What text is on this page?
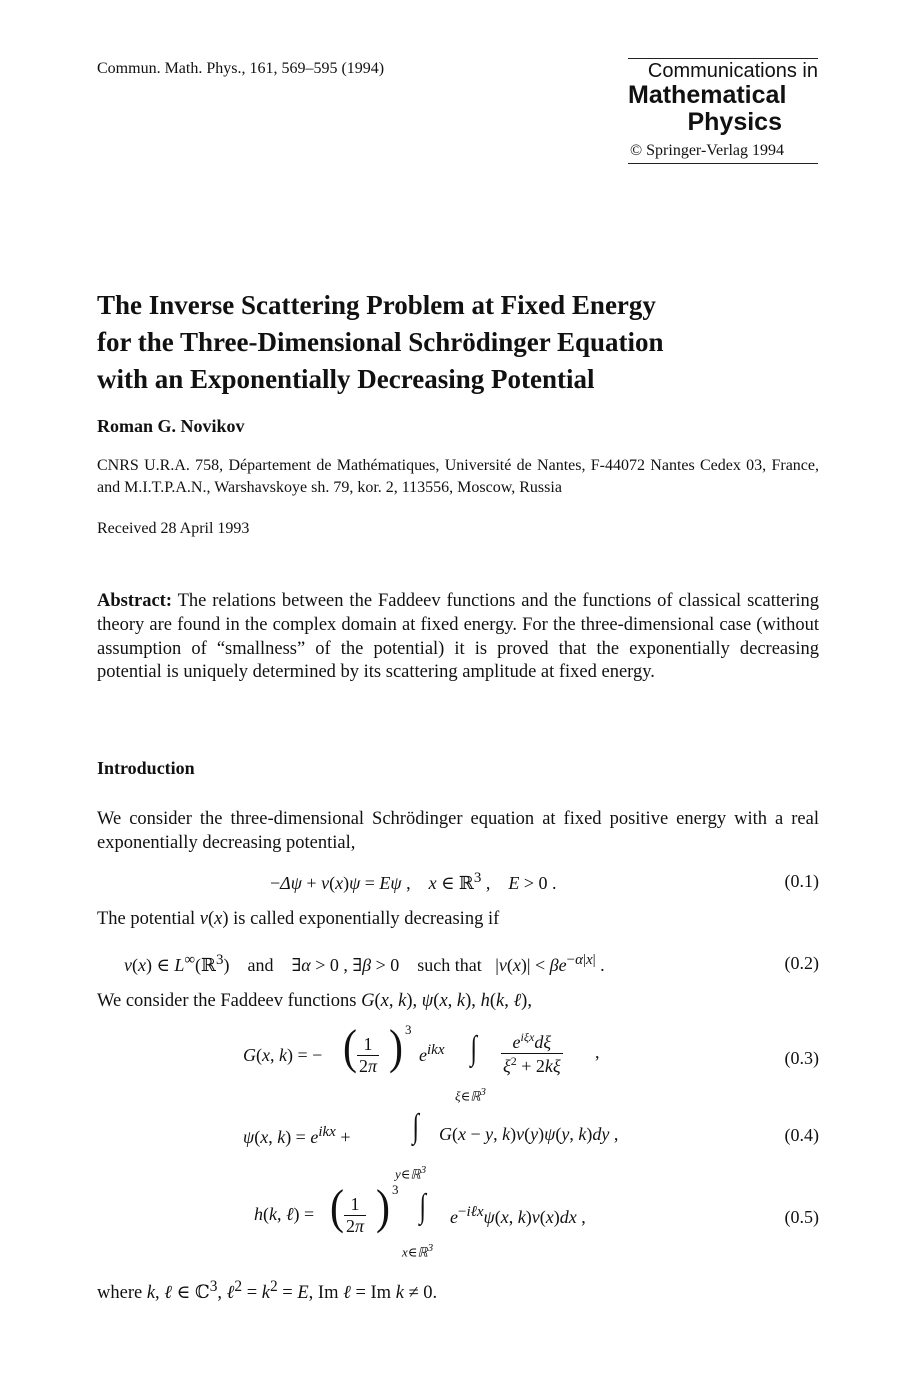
Commun. Math. Phys., 161, 569–595 (1994)	Communications in
Mathematical
Physics
© Springer-Verlag 1994
The Inverse Scattering Problem at Fixed Energy
for the Three-Dimensional Schrödinger Equation
with an Exponentially Decreasing Potential
Roman G. Novikov
CNRS U.R.A. 758, Département de Mathématiques, Université de Nantes, F-44072 Nantes Cedex 03, France, and M.I.T.P.A.N., Warshavskoye sh. 79, kor. 2, 113556, Moscow, Russia
Received 28 April 1993
Abstract: The relations between the Faddeev functions and the functions of classical scattering theory are found in the complex domain at fixed energy. For the three-dimensional case (without assumption of “smallness” of the potential) it is proved that the exponentially decreasing potential is uniquely determined by its scattering amplitude at fixed energy.
Introduction
We consider the three-dimensional Schrödinger equation at fixed positive energy with a real exponentially decreasing potential,
−Δψ + v(x)ψ = Eψ ,    x ∈ ℝ$^3$ ,    E > 0 .	(0.1)
The potential v(x) is called exponentially decreasing if
v(x) ∈ L∞(ℝ$^3$)    and    ∃α > 0 , ∃β > 0    such that   $|v(x)| < \beta e^{-\alpha|x|}$ .	(0.2)
We consider the Faddeev functions G(x, k), ψ(x, k), h(k, ℓ),
G(x, k) = − ( $\frac{1}{2\pi}$ ) 3
$e^{ikx}$ ∫
ξ∈ℝ$^3$
$e^{i\xi x}d\xi$
$\xi^2 + 2k\xi$
,	(0.3)
ψ(x, $k) = e^{ikx}$ + ∫
y∈ℝ$^3$
G(x − y, k)v(y)ψ(y, k)dy ,	(0.4)
h(k, ℓ) = ( $\frac{1}{2\pi}$ ) 3 ∫
x∈ℝ$^3$
$e^{-i\ell x}\psi(x$, k)v(x)dx ,	(0.5)
where k, ℓ ∈ ℂ$^3$, ℓ$^2$ = $k^2 = E$, Im ℓ = Im k ≠ 0.
